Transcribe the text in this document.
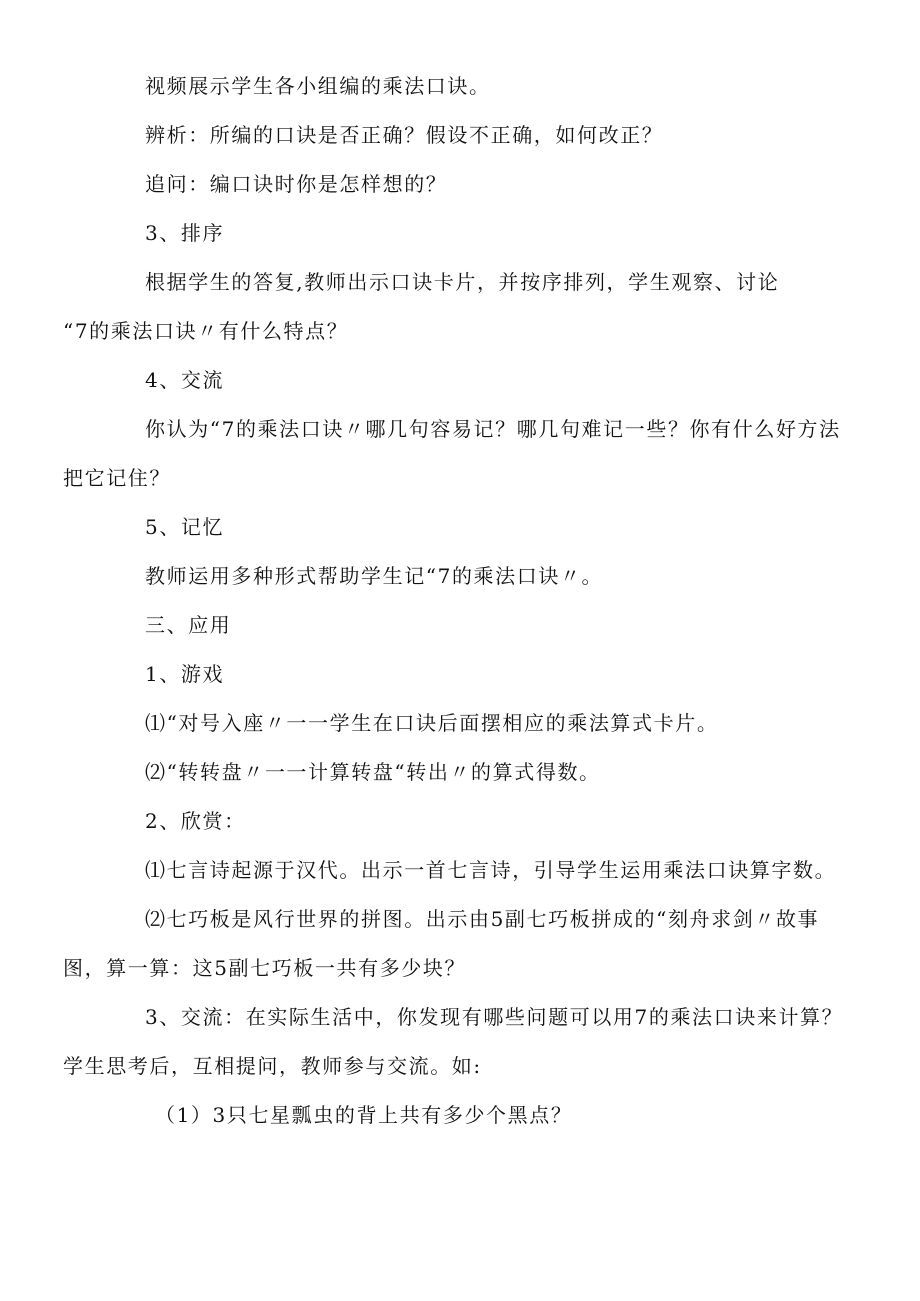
视频展示学生各小组编的乘法口诀。
辨析：所编的口诀是否正确？假设不正确，如何改正？
追问：编口诀时你是怎样想的？
3、排序
根据学生的答复,教师出示口诀卡片，并按序排列，学生观察、讨论
“7的乘法口诀〃有什么特点？
4、交流
你认为“7的乘法口诀〃哪几句容易记？哪几句难记一些？你有什么好方法
把它记住？
5、记忆
教师运用多种形式帮助学生记“7的乘法口诀〃。
三、应用
1、游戏
⑴“对号入座〃一一学生在口诀后面摆相应的乘法算式卡片。
⑵“转转盘〃一一计算转盘“转出〃的算式得数。
2、欣赏：
⑴七言诗起源于汉代。出示一首七言诗，引导学生运用乘法口诀算字数。
⑵七巧板是风行世界的拼图。出示由5副七巧板拼成的“刻舟求剑〃故事
图，算一算：这5副七巧板一共有多少块？
3、交流：在实际生活中，你发现有哪些问题可以用7的乘法口诀来计算？
学生思考后，互相提问，教师参与交流。如:
（1）3只七星瓢虫的背上共有多少个黑点？
